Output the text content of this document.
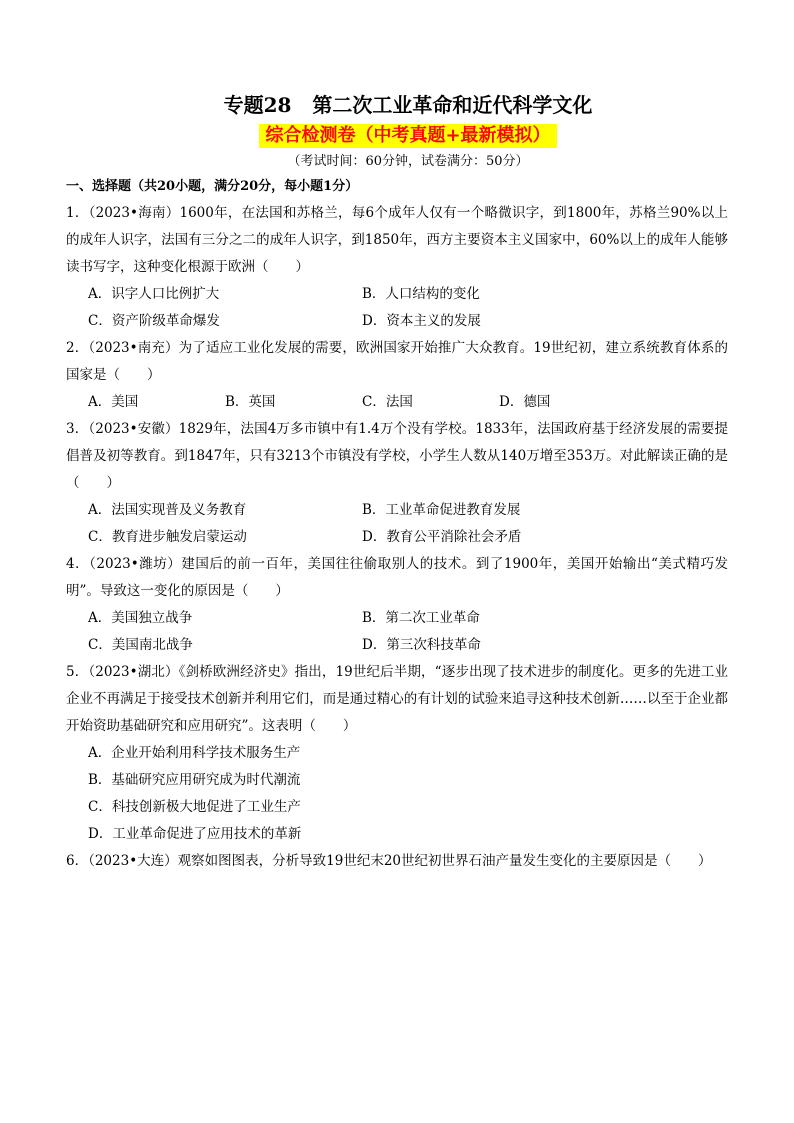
专题28 第二次工业革命和近代科学文化
综合检测卷（中考真题+最新模拟）
（考试时间：60分钟，试卷满分：50分）
一、选择题（共20小题，满分20分，每小题1分）
1．（2023•海南）1600年，在法国和苏格兰，每6个成年人仅有一个略微识字，到1800年，苏格兰90%以上的成年人识字，法国有三分之二的成年人识字，到1850年，西方主要资本主义国家中，60%以上的成年人能够读书写字，这种变化根源于欧洲（　　）
A．识字人口比例扩大	B．人口结构的变化
C．资产阶级革命爆发	D．资本主义的发展
2．（2023•南充）为了适应工业化发展的需要，欧洲国家开始推广大众教育。19世纪初，建立系统教育体系的国家是（　　）
A．美国	B．英国	C．法国	D．德国
3．（2023•安徽）1829年，法国4万多市镇中有1.4万个没有学校。1833年，法国政府基于经济发展的需要提倡普及初等教育。到1847年，只有3213个市镇没有学校，小学生人数从140万增至353万。对此解读正确的是（　　）
A．法国实现普及义务教育	B．工业革命促进教育发展
C．教育进步触发启蒙运动	D．教育公平消除社会矛盾
4．（2023•潍坊）建国后的前一百年，美国往往偷取别人的技术。到了1900年，美国开始输出“美式精巧发明”。导致这一变化的原因是（　　）
A．美国独立战争	B．第二次工业革命
C．美国南北战争	D．第三次科技革命
5．（2023•湖北）《剑桥欧洲经济史》指出，19世纪后半期，“逐步出现了技术进步的制度化。更多的先进工业企业不再满足于接受技术创新并利用它们，而是通过精心的有计划的试验来追寻这种技术创新……以至于企业都开始资助基础研究和应用研究”。这表明（　　）
A．企业开始利用科学技术服务生产
B．基础研究应用研究成为时代潮流
C．科技创新极大地促进了工业生产
D．工业革命促进了应用技术的革新
6．（2023•大连）观察如图图表，分析导致19世纪末20世纪初世界石油产量发生变化的主要原因是（　　）
